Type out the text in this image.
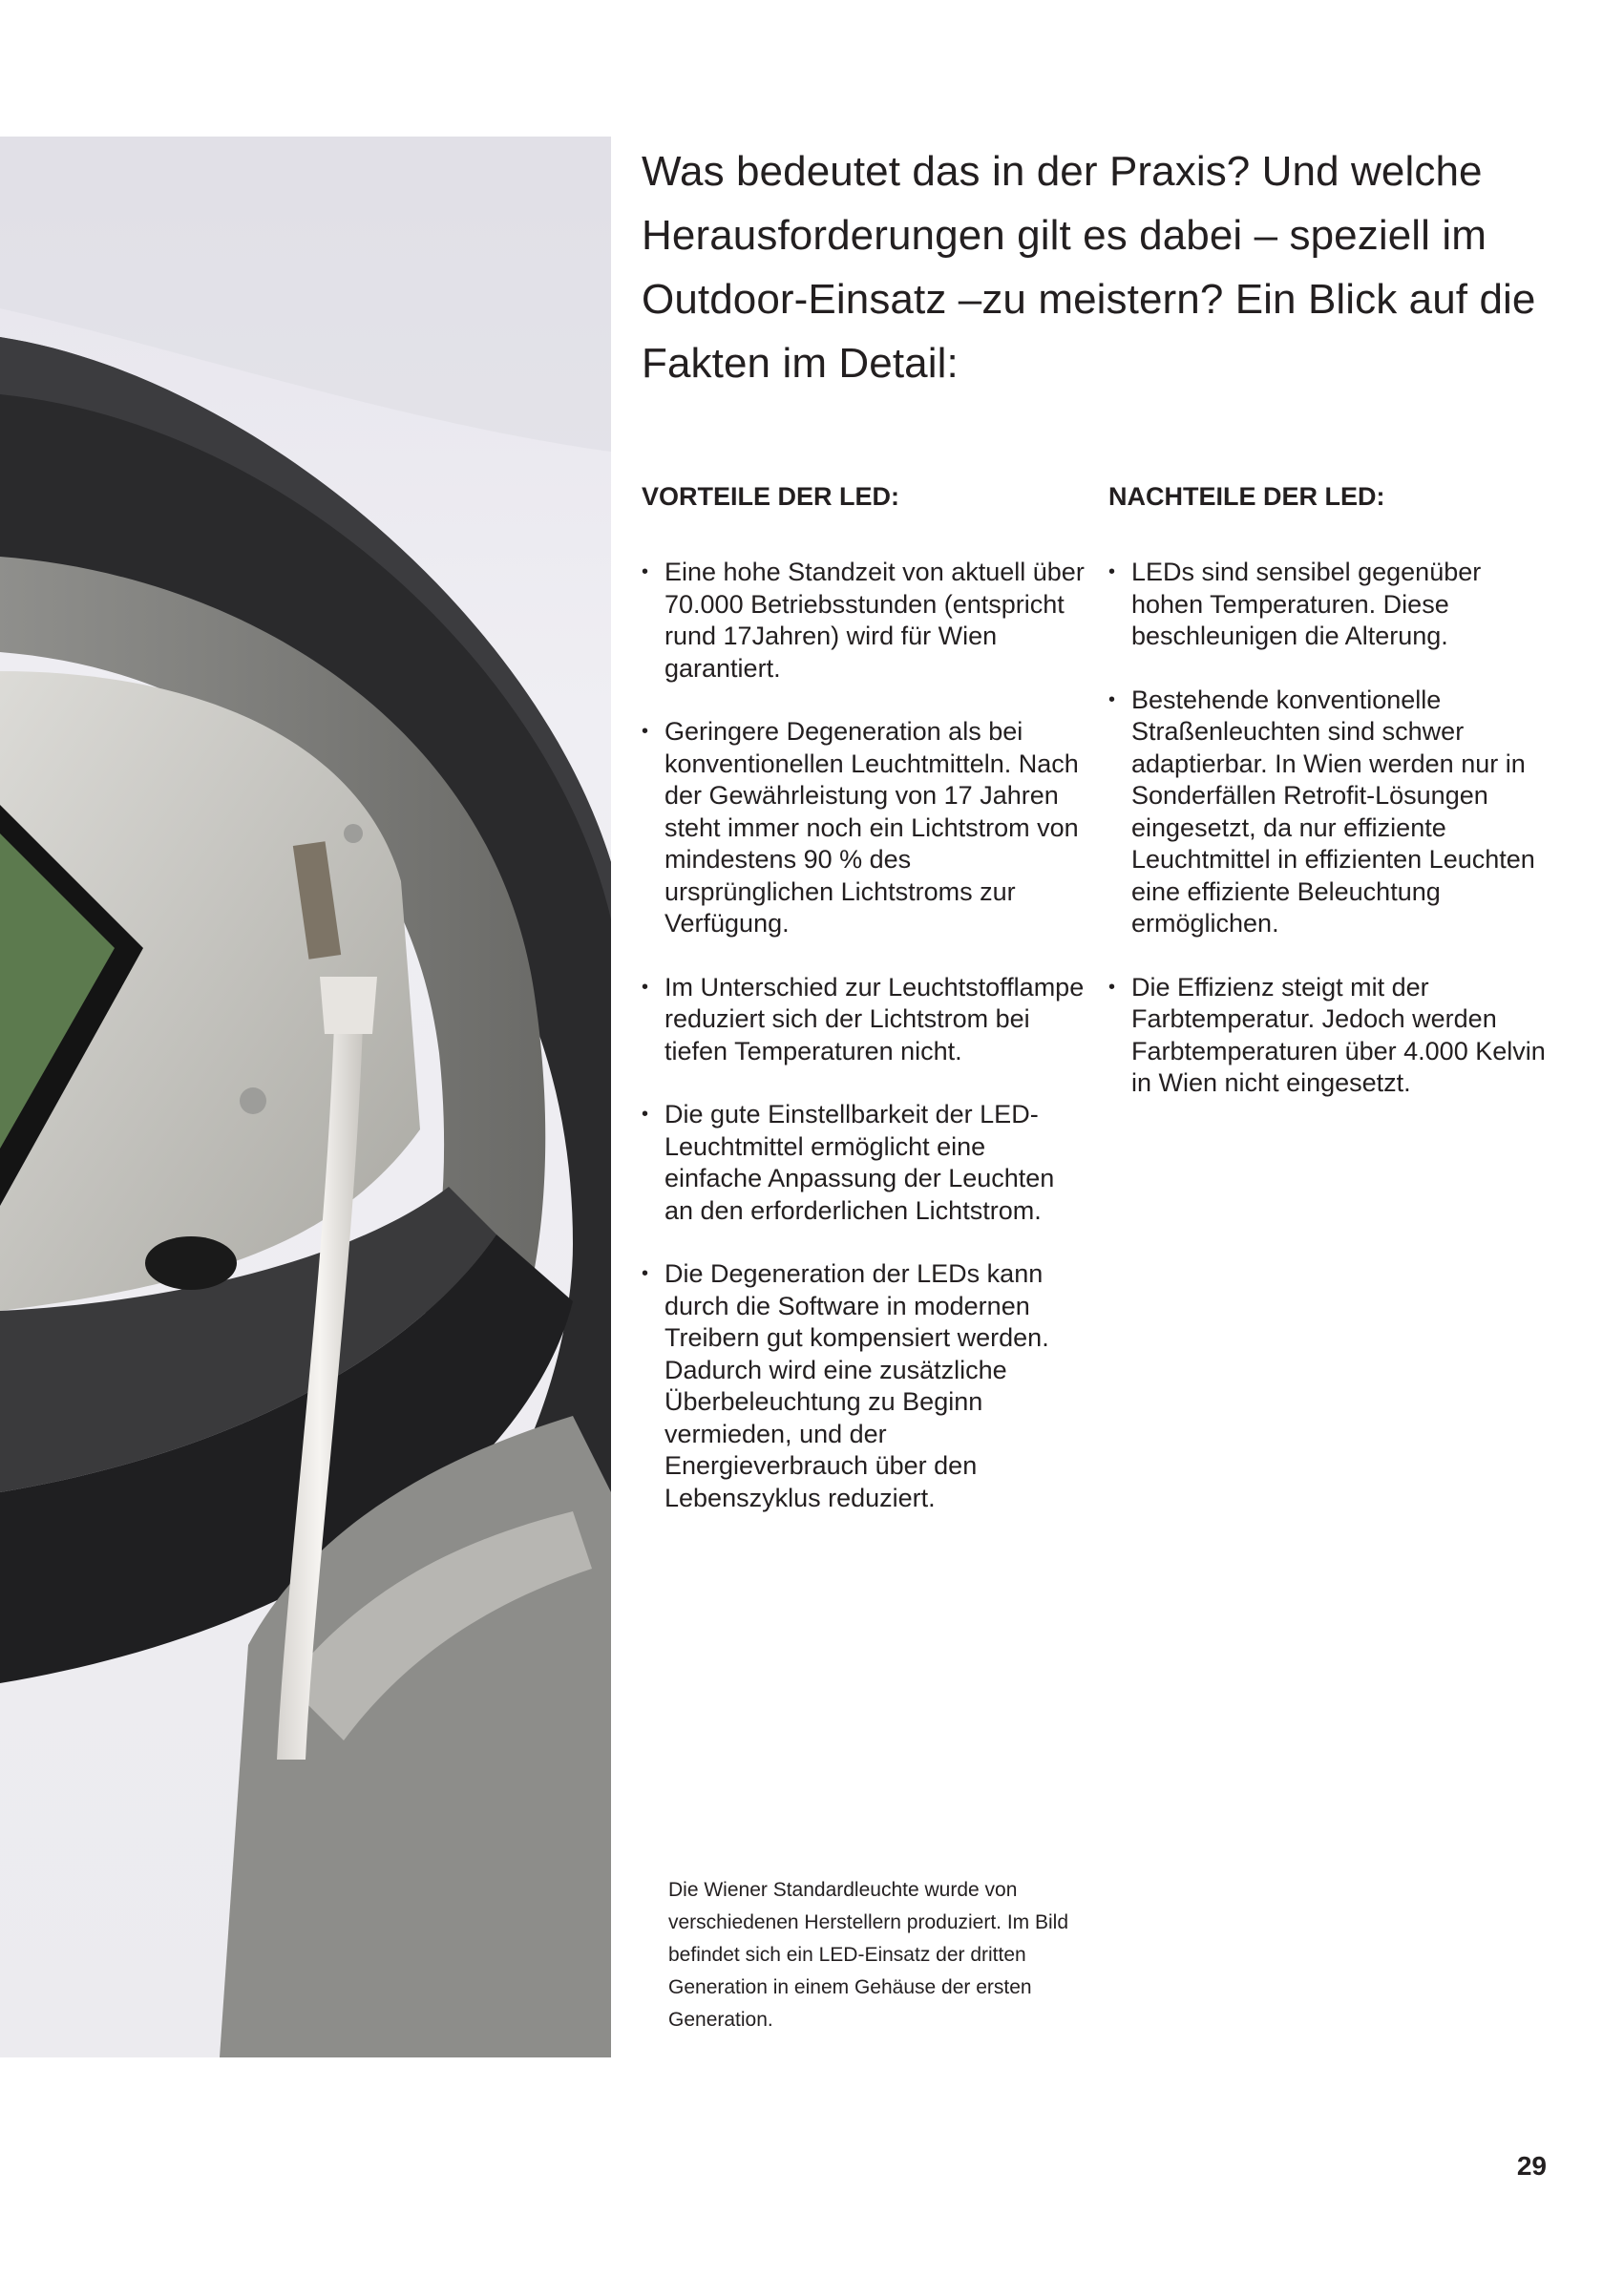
Was bedeutet das in der Praxis? Und welche Herausforderungen gilt es dabei – speziell im Outdoor-Einsatz –zu meistern? Ein Blick auf die Fakten im Detail:

VORTEILE DER LED:
• Eine hohe Standzeit von aktuell über 70.000 Betriebsstunden (entspricht rund 17Jahren) wird für Wien garantiert.
• Geringere Degeneration als bei konventionellen Leuchtmitteln. Nach der Gewährleistung von 17 Jahren steht immer noch ein Lichtstrom von mindestens 90 % des ursprünglichen Lichtstroms zur Verfügung.
• Im Unterschied zur Leuchtstofflampe reduziert sich der Lichtstrom bei tiefen Temperaturen nicht.
• Die gute Einstellbarkeit der LED-Leuchtmittel ermöglicht eine einfache Anpassung der Leuchten an den erforderlichen Lichtstrom.
• Die Degeneration der LEDs kann durch die Software in modernen Treibern gut kompensiert werden. Dadurch wird eine zusätzliche Überbeleuchtung zu Beginn vermieden, und der Energieverbrauch über den Lebenszyklus reduziert.
NACHTEILE DER LED:
• LEDs sind sensibel gegenüber hohen Temperaturen. Diese beschleunigen die Alterung.
• Bestehende konventionelle Straßenleuchten sind schwer adaptierbar. In Wien werden nur in Sonderfällen Retrofit-Lösungen eingesetzt, da nur effiziente Leuchtmittel in effizienten Leuchten eine effiziente Beleuchtung ermöglichen.
• Die Effizienz steigt mit der Farbtemperatur. Jedoch werden Farbtemperaturen über 4.000 Kelvin in Wien nicht eingesetzt.

Die Wiener Standardleuchte wurde von verschiedenen Herstellern produziert. Im Bild befindet sich ein LED-Einsatz der dritten Generation in einem Gehäuse der ersten Generation.

29
